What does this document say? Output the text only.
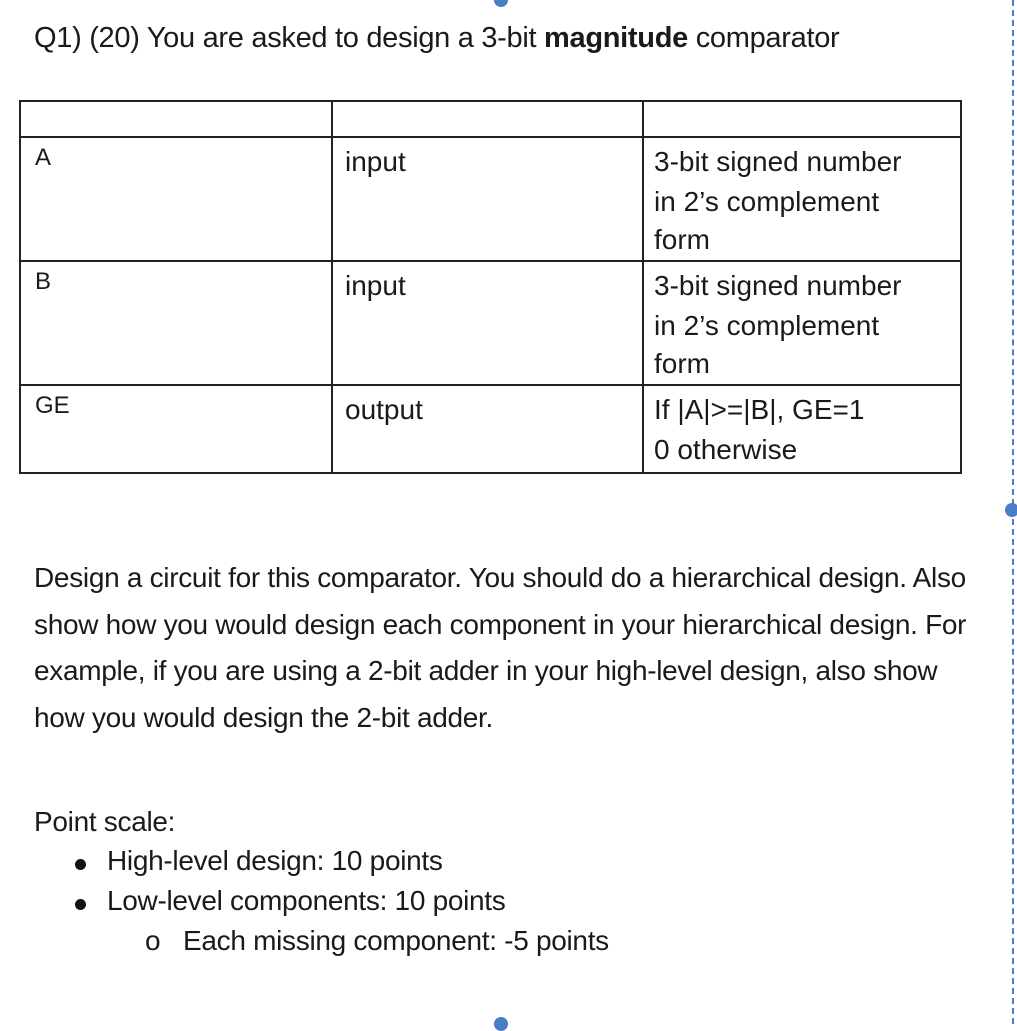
Q1) (20) You are asked to design a 3-bit magnitude comparator

A	input	3-bit signed number
in 2’s complement
form

B	input	3-bit signed number
in 2’s complement
form

GE	output	If |A|>=|B|, GE=1
0 otherwise

Design a circuit for this comparator. You should do a hierarchical design. Also show how you would design each component in your hierarchical design. For example, if you are using a 2-bit adder in your high-level design, also show how you would design the 2-bit adder.

Point scale:
High-level design: 10 points
Low-level components: 10 points
o Each missing component: -5 points
